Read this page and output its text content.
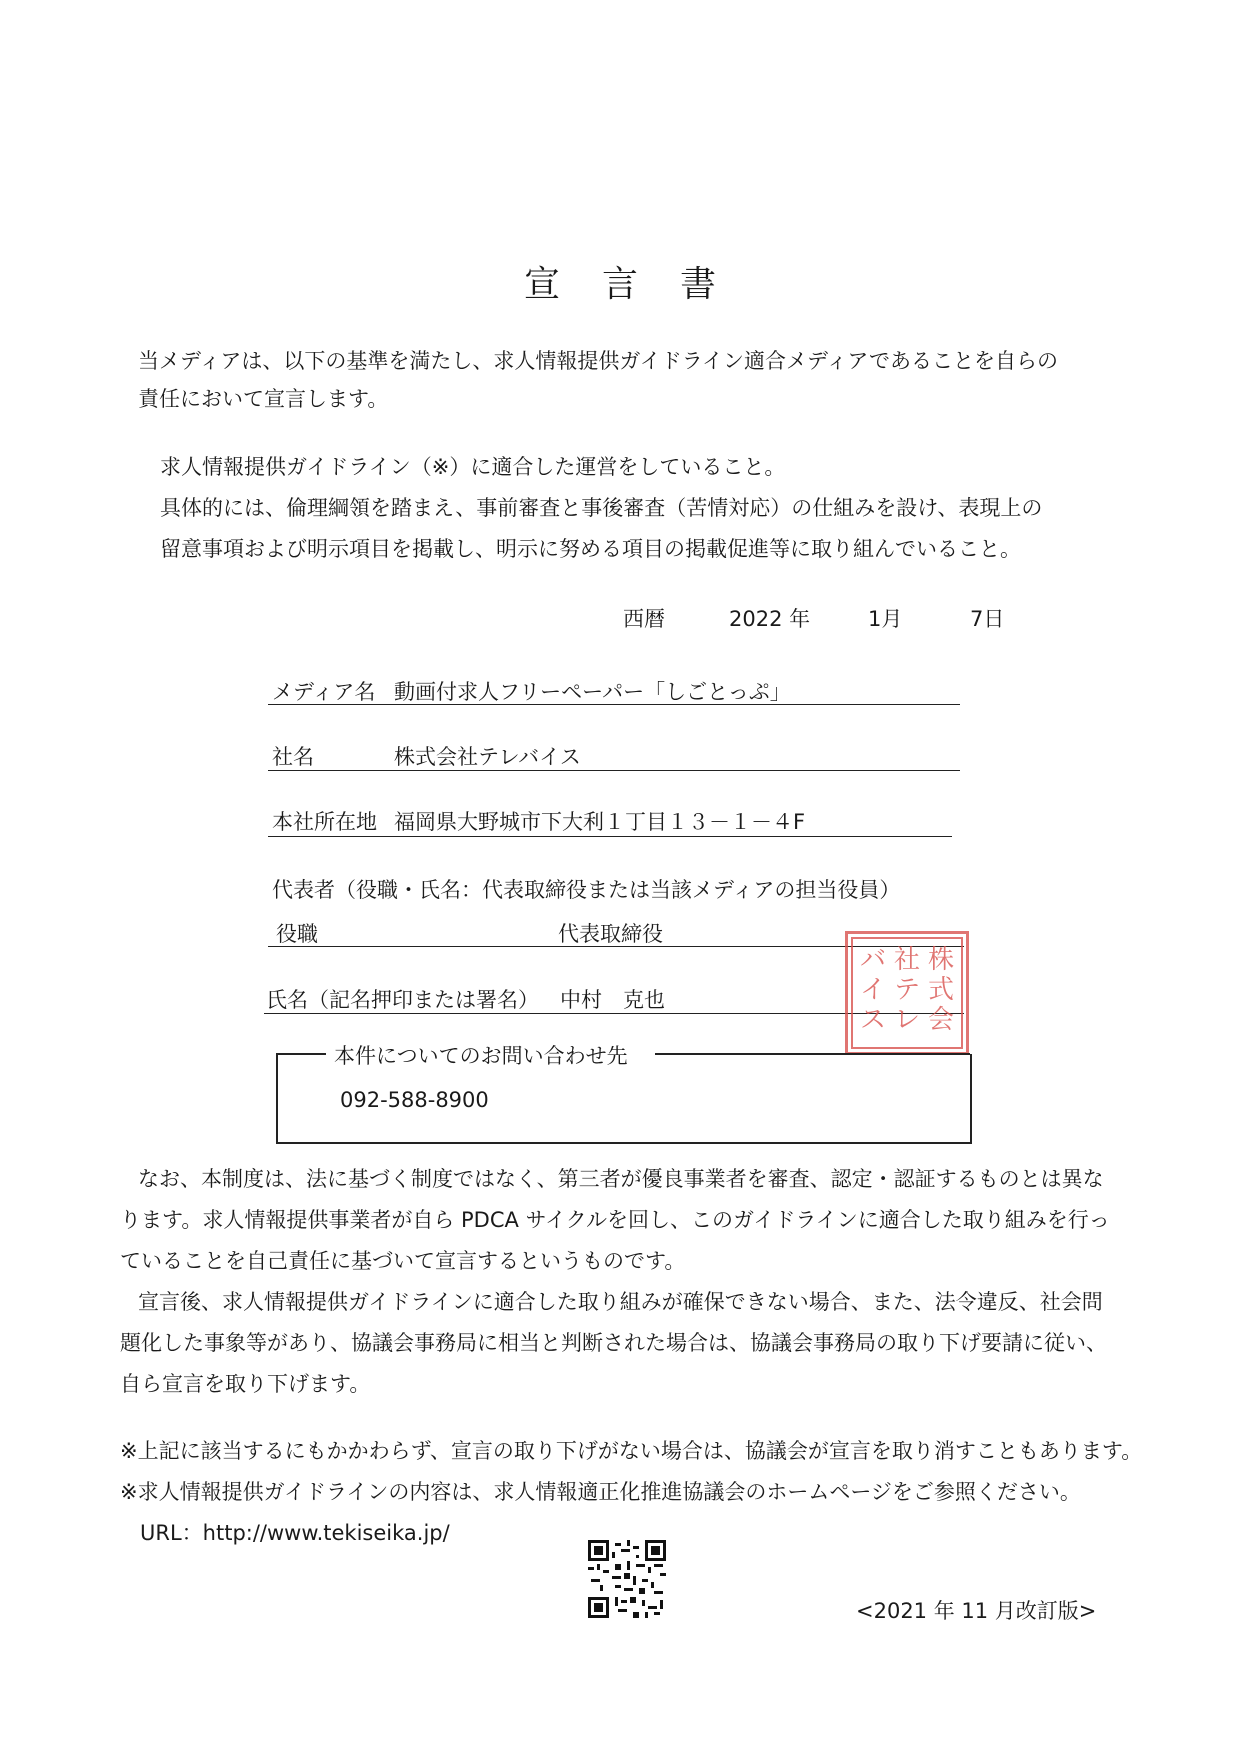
宣言書
当メディアは、以下の基準を満たし、求人情報提供ガイドライン適合メディアであることを自らの
責任において宣言します。
求人情報提供ガイドライン（※）に適合した運営をしていること。
具体的には、倫理綱領を踏まえ、事前審査と事後審査（苦情対応）の仕組みを設け、表現上の
留意事項および明示項目を掲載し、明示に努める項目の掲載促進等に取り組んでいること。
西暦	2022 年	1月	7日
メディア名 動画付求人フリーペーパー「しごとっぷ」
社名	株式会社テレバイス
本社所在地 福岡県大野城市下大利１丁目１３－１－４F
代表者（役職・氏名：代表取締役または当該メディアの担当役員）
役職	代表取締役
氏名（記名押印または署名） 中村　克也
株
式
会
社
テ
レ
バ
イ
ス
本件についてのお問い合わせ先
092-588-8900
なお、本制度は、法に基づく制度ではなく、第三者が優良事業者を審査、認定・認証するものとは異な
ります。求人情報提供事業者が自ら PDCA サイクルを回し、このガイドラインに適合した取り組みを行っ
ていることを自己責任に基づいて宣言するというものです。
宣言後、求人情報提供ガイドラインに適合した取り組みが確保できない場合、また、法令違反、社会問
題化した事象等があり、協議会事務局に相当と判断された場合は、協議会事務局の取り下げ要請に従い、
自ら宣言を取り下げます。
※上記に該当するにもかかわらず、宣言の取り下げがない場合は、協議会が宣言を取り消すこともあります。
※求人情報提供ガイドラインの内容は、求人情報適正化推進協議会のホームページをご参照ください。
URL：http://www.tekiseika.jp/
<2021 年 11 月改訂版>
